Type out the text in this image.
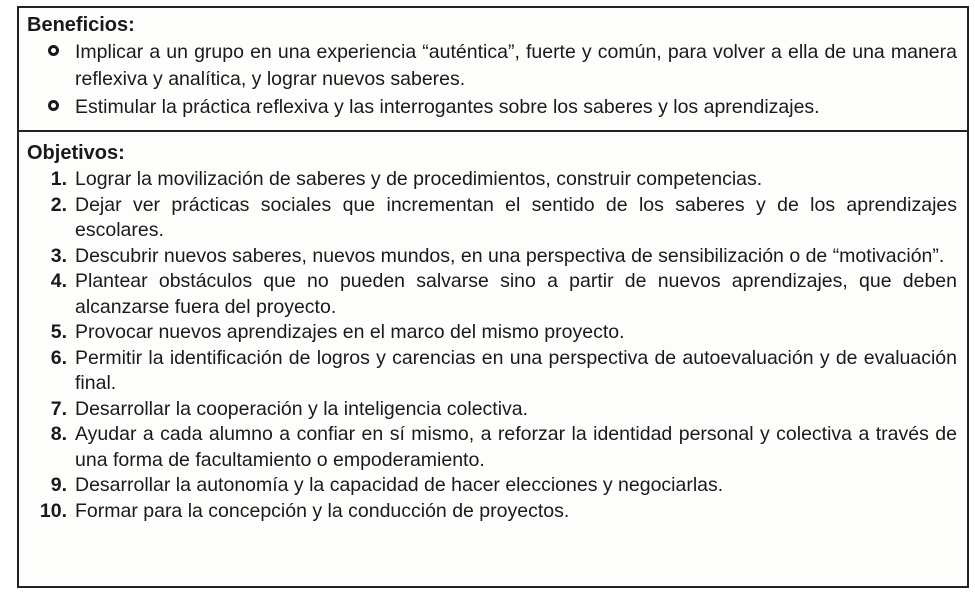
Beneficios:
Implicar a un grupo en una experiencia “auténtica”, fuerte y común, para volver a ella de una manera reflexiva y analítica, y lograr nuevos saberes.
Estimular la práctica reflexiva y las interrogantes sobre los saberes y los aprendizajes.
Objetivos:
1. Lograr la movilización de saberes y de procedimientos, construir competencias.
2. Dejar ver prácticas sociales que incrementan el sentido de los saberes y de los aprendizajes escolares.
3. Descubrir nuevos saberes, nuevos mundos, en una perspectiva de sensibilización o de “motivación”.
4. Plantear obstáculos que no pueden salvarse sino a partir de nuevos aprendizajes, que deben alcanzarse fuera del proyecto.
5. Provocar nuevos aprendizajes en el marco del mismo proyecto.
6. Permitir la identificación de logros y carencias en una perspectiva de autoevaluación y de evaluación final.
7. Desarrollar la cooperación y la inteligencia colectiva.
8. Ayudar a cada alumno a confiar en sí mismo, a reforzar la identidad personal y colectiva a través de una forma de facultamiento o empoderamiento.
9. Desarrollar la autonomía y la capacidad de hacer elecciones y negociarlas.
10. Formar para la concepción y la conducción de proyectos.
